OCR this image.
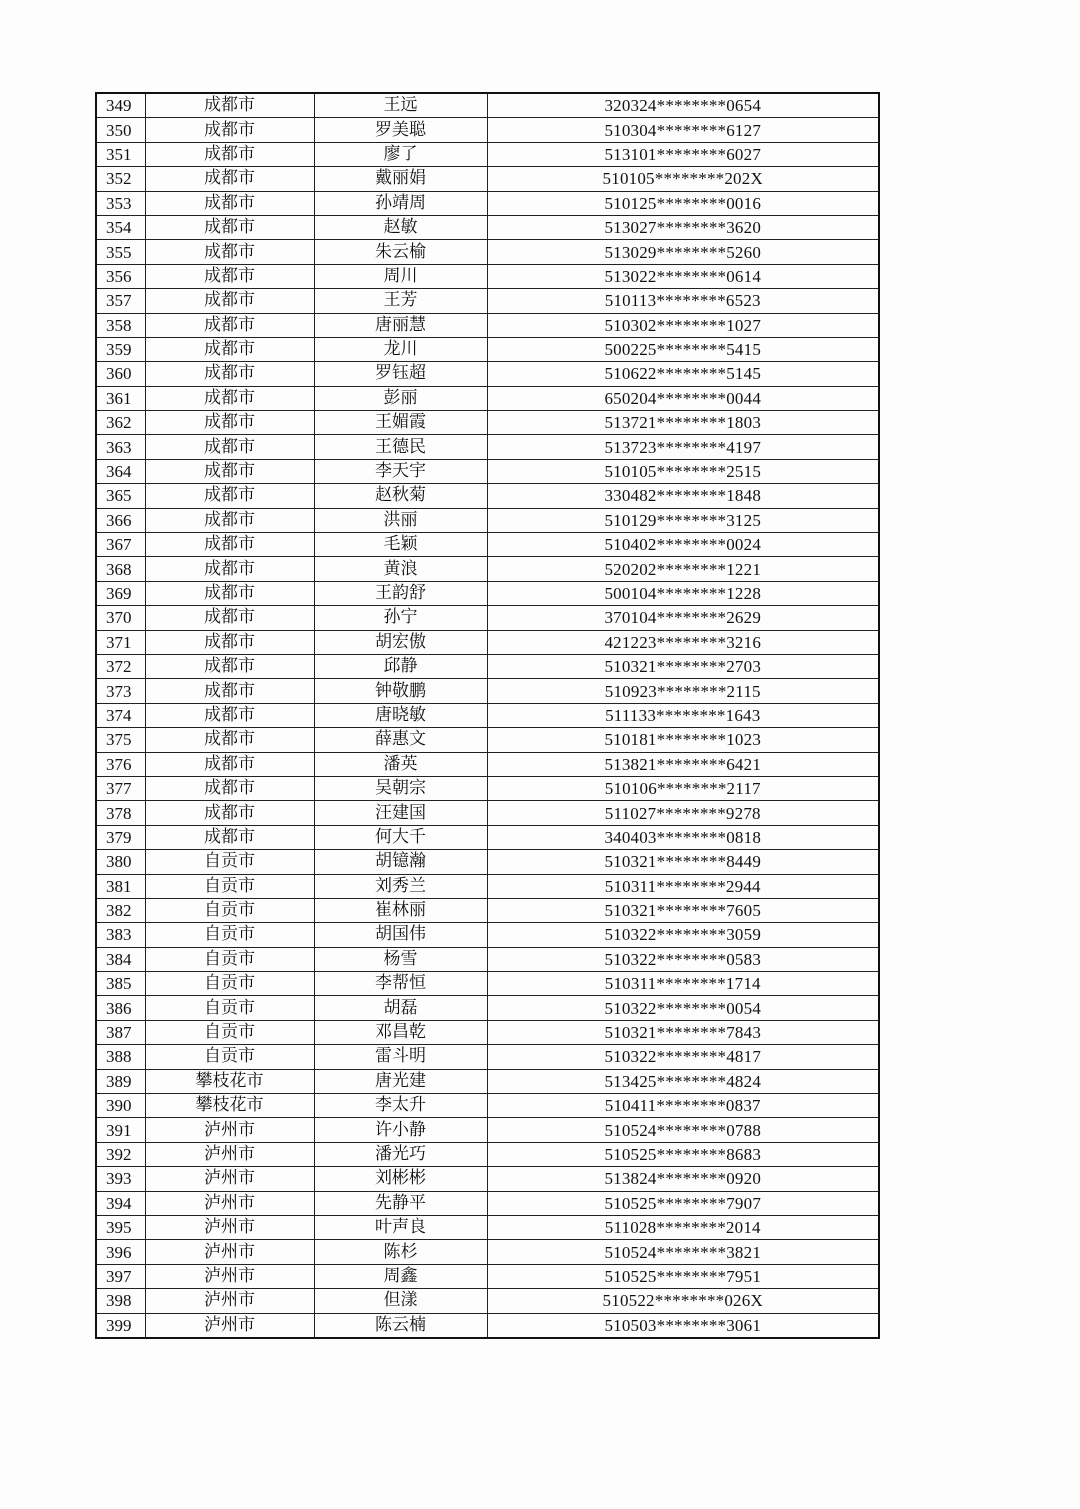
349	成都市	王远	320324********0654
350	成都市	罗美聪	510304********6127
351	成都市	廖了	513101********6027
352	成都市	戴丽娟	510105********202X
353	成都市	孙靖周	510125********0016
354	成都市	赵敏	513027********3620
355	成都市	朱云榆	513029********5260
356	成都市	周川	513022********0614
357	成都市	王芳	510113********6523
358	成都市	唐丽慧	510302********1027
359	成都市	龙川	500225********5415
360	成都市	罗钰超	510622********5145
361	成都市	彭丽	650204********0044
362	成都市	王媚霞	513721********1803
363	成都市	王德民	513723********4197
364	成都市	李天宇	510105********2515
365	成都市	赵秋菊	330482********1848
366	成都市	洪丽	510129********3125
367	成都市	毛颖	510402********0024
368	成都市	黄浪	520202********1221
369	成都市	王韵舒	500104********1228
370	成都市	孙宁	370104********2629
371	成都市	胡宏傲	421223********3216
372	成都市	邱静	510321********2703
373	成都市	钟敬鹏	510923********2115
374	成都市	唐晓敏	511133********1643
375	成都市	薛惠文	510181********1023
376	成都市	潘英	513821********6421
377	成都市	吴朝宗	510106********2117
378	成都市	汪建国	511027********9278
379	成都市	何大千	340403********0818
380	自贡市	胡镱瀚	510321********8449
381	自贡市	刘秀兰	510311********2944
382	自贡市	崔林丽	510321********7605
383	自贡市	胡国伟	510322********3059
384	自贡市	杨雪	510322********0583
385	自贡市	李帮恒	510311********1714
386	自贡市	胡磊	510322********0054
387	自贡市	邓昌乾	510321********7843
388	自贡市	雷斗明	510322********4817
389	攀枝花市	唐光建	513425********4824
390	攀枝花市	李太升	510411********0837
391	泸州市	许小静	510524********0788
392	泸州市	潘光巧	510525********8683
393	泸州市	刘彬彬	513824********0920
394	泸州市	先静平	510525********7907
395	泸州市	叶声良	511028********2014
396	泸州市	陈杉	510524********3821
397	泸州市	周鑫	510525********7951
398	泸州市	但漾	510522********026X
399	泸州市	陈云楠	510503********3061
